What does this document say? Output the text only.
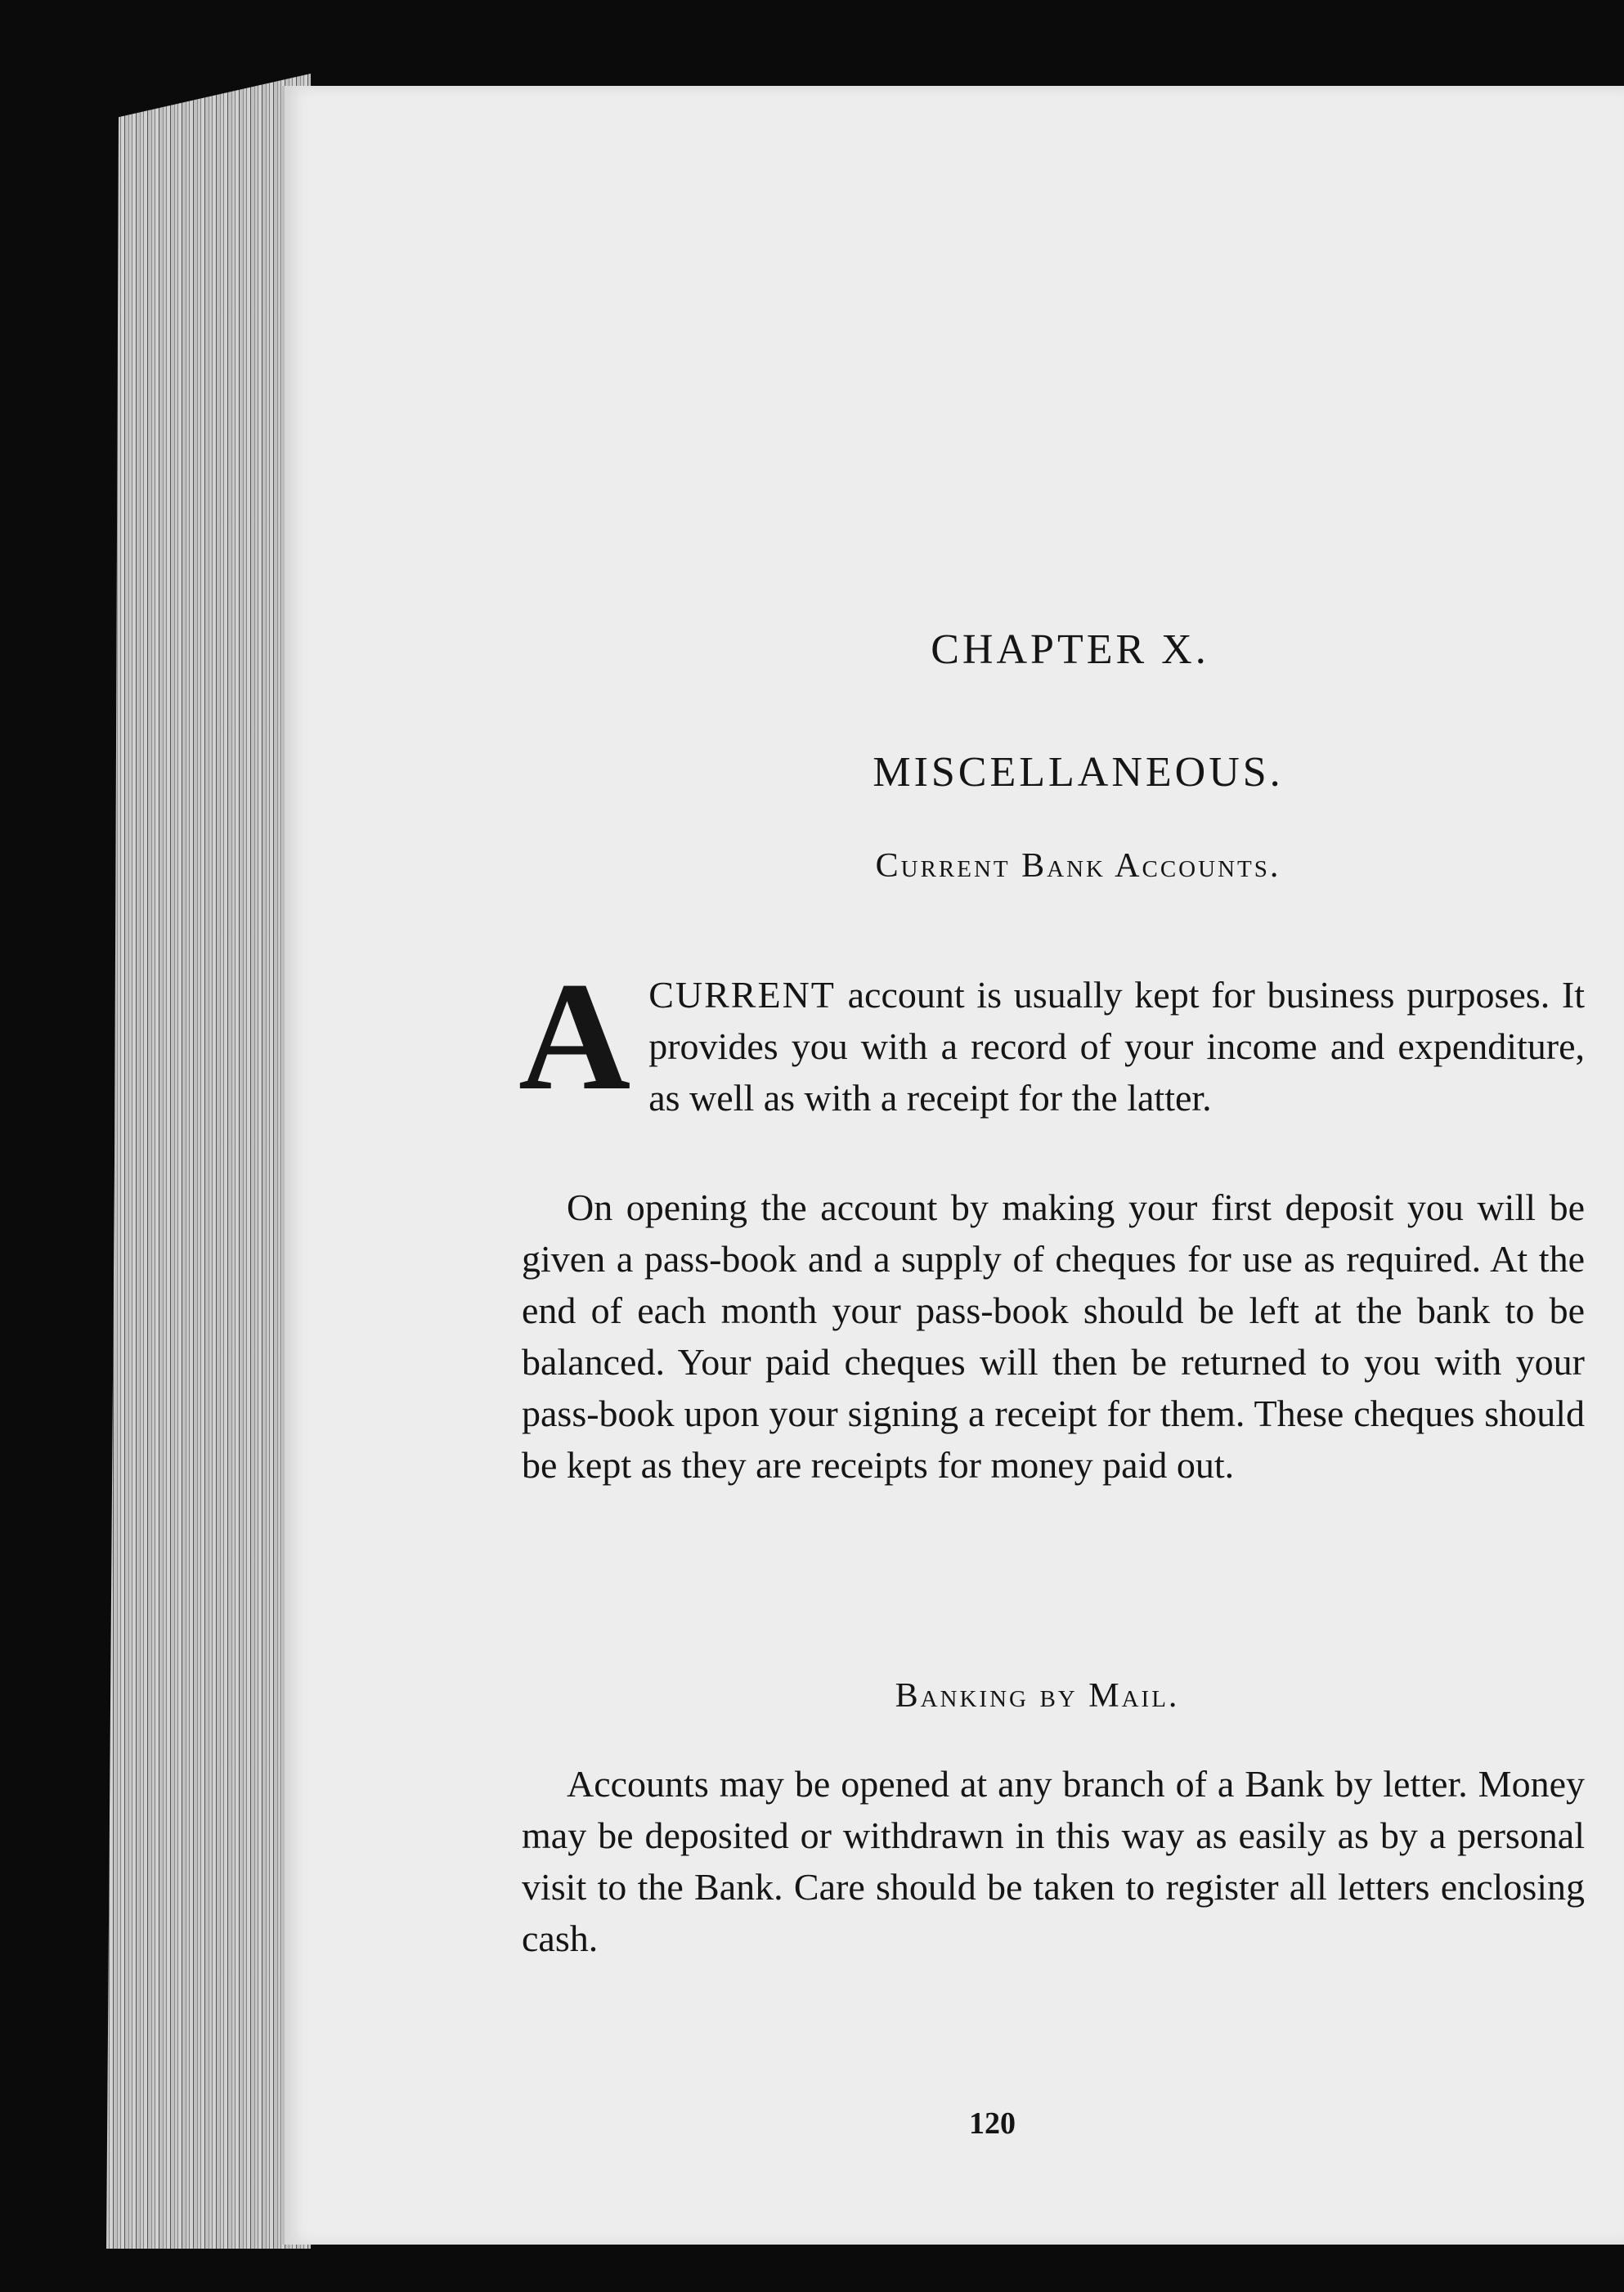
CHAPTER X.
MISCELLANEOUS.
Current Bank Accounts.
ACURRENT account is usually kept for business purposes. It provides you with a record of your income and expenditure, as well as with a receipt for the latter.
On opening the account by making your first deposit you will be given a pass-book and a supply of cheques for use as required. At the end of each month your pass-book should be left at the bank to be balanced. Your paid cheques will then be returned to you with your pass-book upon your signing a receipt for them. These cheques should be kept as they are receipts for money paid out.
Banking by Mail.
Accounts may be opened at any branch of a Bank by letter. Money may be deposited or withdrawn in this way as easily as by a personal visit to the Bank. Care should be taken to register all letters enclosing cash.
120
